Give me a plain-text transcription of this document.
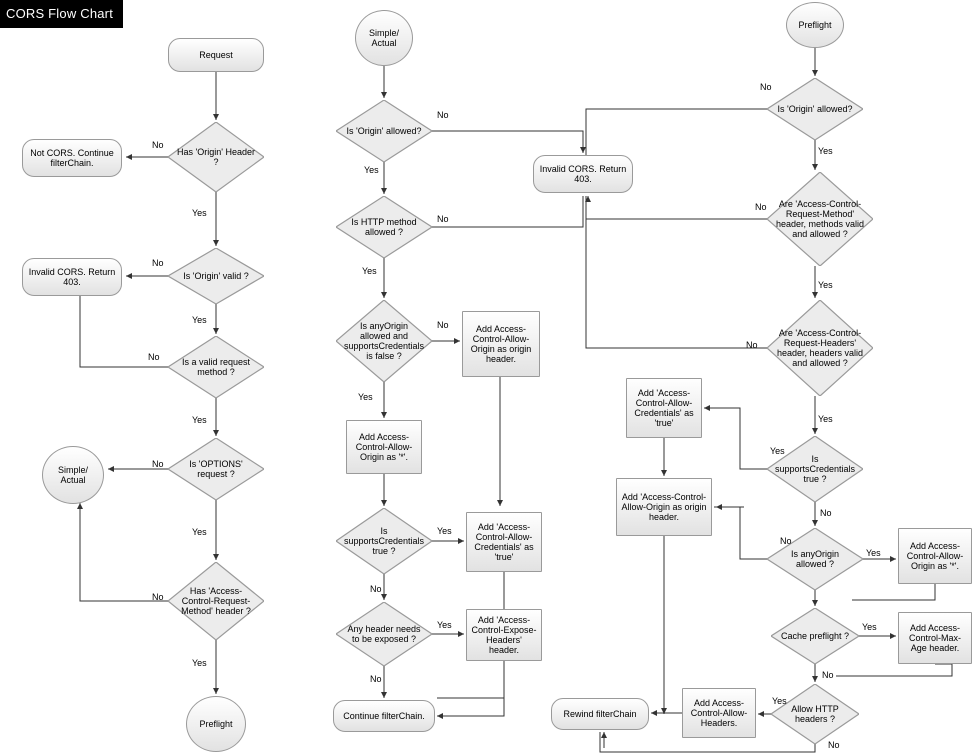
CORS Flow Chart
Request
Has 'Origin' Header ?
Not CORS. Continue filterChain.
Is 'Origin' valid ?
Invalid CORS. Return 403.
Is a valid request method ?
Is 'OPTIONS' request ?
Simple/ Actual
Has 'Access-Control-Request-Method' header ?
Preflight
Simple/ Actual
Is 'Origin' allowed?
Invalid CORS. Return 403.
Is HTTP method allowed ?
Is anyOrigin allowed and supportsCredentials is false ?
Add Access-Control-Allow-Origin as origin header.
Add Access-Control-Allow-Origin as '*'.
Is supportsCredentials true ?
Add 'Access-Control-Allow-Credentials' as 'true'
Any header needs to be exposed ?
Add 'Access-Control-Expose-Headers' header.
Continue filterChain.
Preflight
Is 'Origin' allowed?
Are 'Access-Control-Request-Method' header, methods valid and allowed ?
Are 'Access-Control-Request-Headers' header, headers valid and allowed ?
Is supportsCredentials true ?
Add 'Access-Control-Allow-Credentials' as 'true'
Add 'Access-Control-Allow-Origin as origin header.
Is anyOrigin allowed ?
Add Access-Control-Allow-Origin as '*'.
Cache preflight ?
Add Access-Control-Max-Age header.
Allow HTTP headers ?
Add Access-Control-Allow-Headers.
Rewind filterChain
No
Yes
No
Yes
No
Yes
No
Yes
No
Yes
No
Yes
No
Yes
No
Yes
Yes
No
Yes
No
No
Yes
No
Yes
No
Yes
Yes
No
No
Yes
Yes
No
Yes
No
